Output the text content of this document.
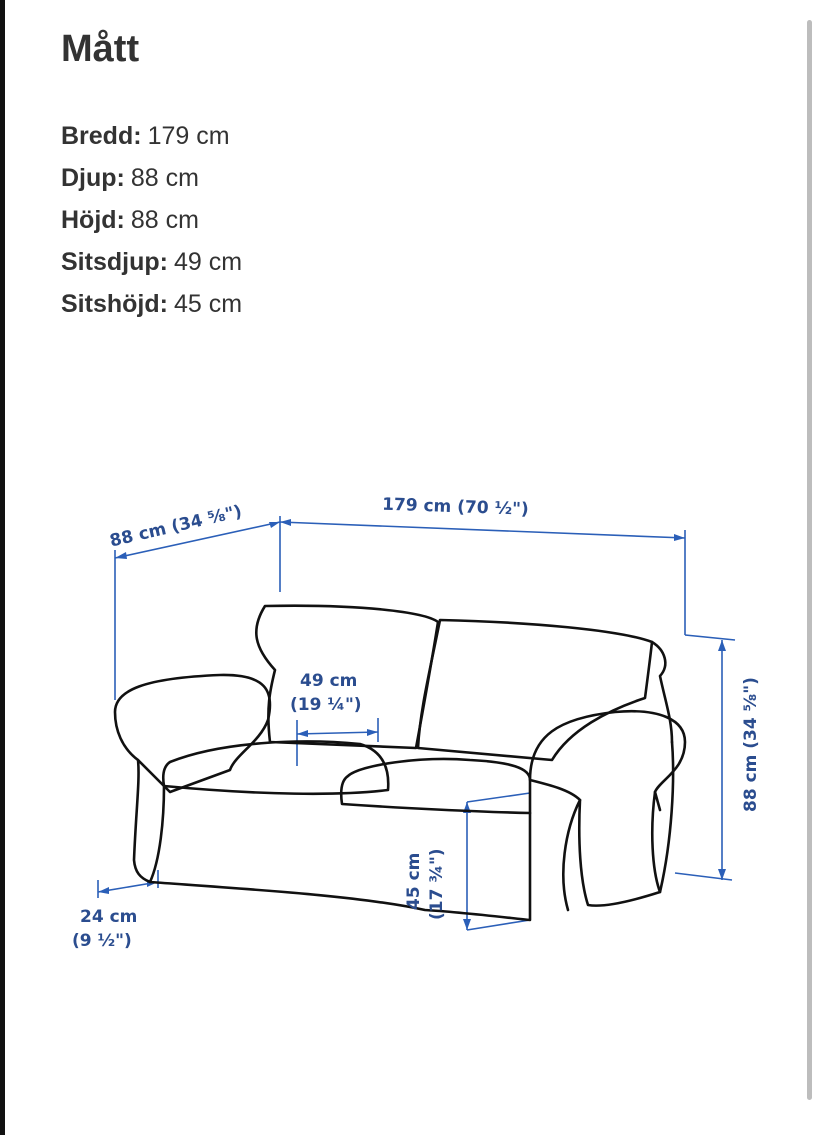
Mått
Bredd: 179 cm
Djup: 88 cm
Höjd: 88 cm
Sitsdjup: 49 cm
Sitshöjd: 45 cm
88 cm (34 ⅝")	179 cm (70 ½")
88 cm (34 ⅝")
49 cm
(19 ¼")
45 cm (17 ¾")
24 cm
(9 ½")
